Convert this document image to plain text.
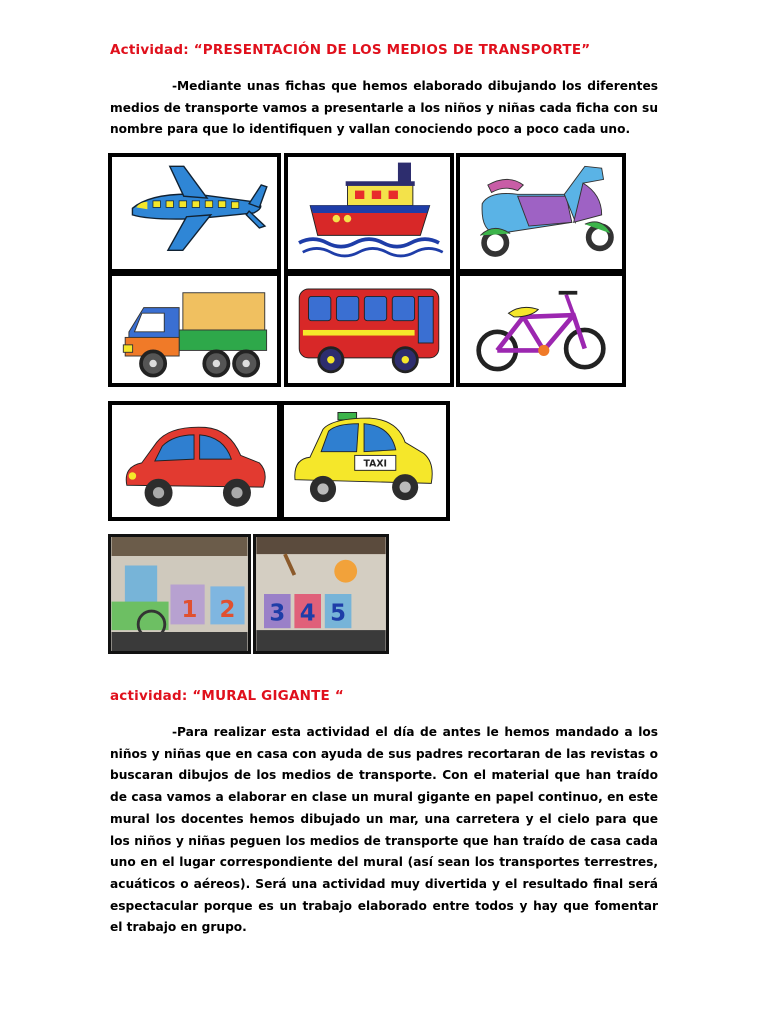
Actividad: “PRESENTACIÓN DE LOS MEDIOS DE TRANSPORTE”
-Mediante unas fichas que hemos elaborado dibujando los diferentes medios de transporte vamos a presentarle a los niños y niñas cada ficha con su nombre para que lo identifiquen y vallan conociendo poco a poco cada uno.
TAXI
1 2 3 4 5
actividad: “MURAL GIGANTE “
-Para realizar esta actividad el día de antes le hemos mandado a los niños y niñas que en casa con ayuda de sus padres recortaran de las revistas o buscaran dibujos de los medios de transporte. Con el material que han traído de casa vamos a elaborar en clase un mural gigante en papel continuo, en este mural los docentes hemos dibujado un mar, una carretera y el cielo para que los niños y niñas peguen los medios de transporte que han traído de casa cada uno en el lugar correspondiente del mural (así sean los transportes terrestres, acuáticos o aéreos). Será una actividad muy divertida y el resultado final será espectacular porque es un trabajo elaborado entre todos y hay que fomentar el trabajo en grupo.
